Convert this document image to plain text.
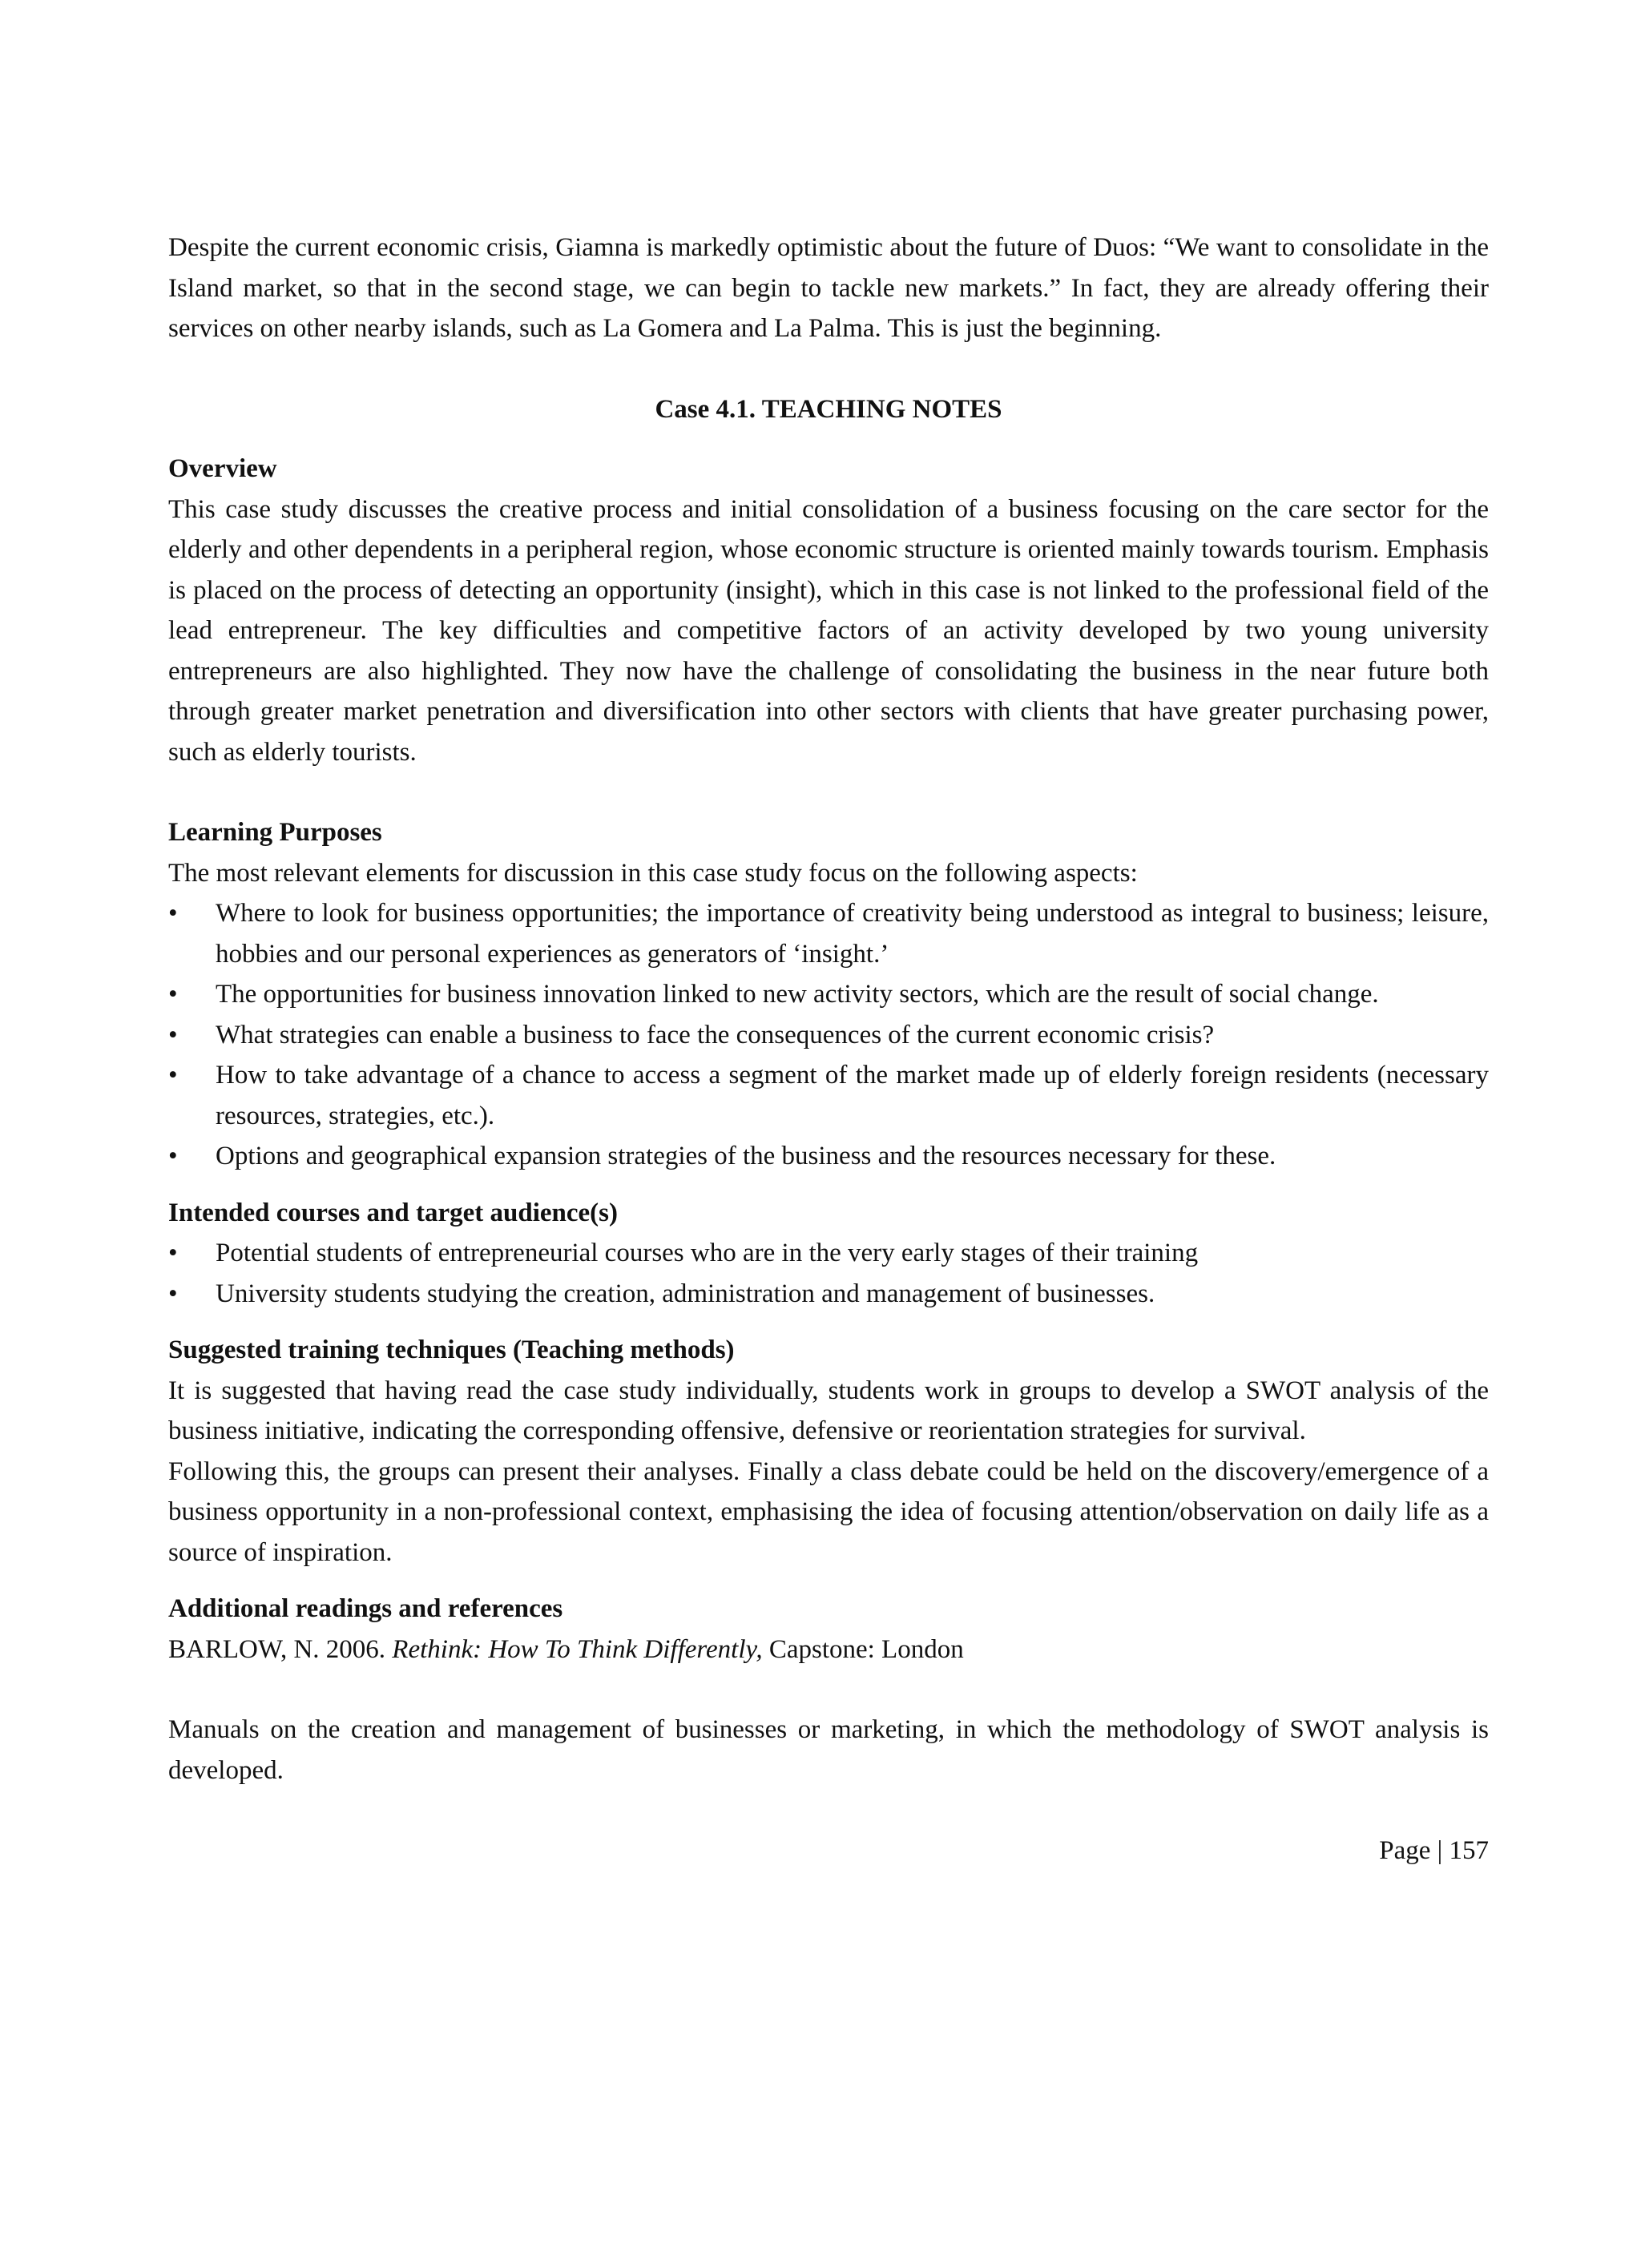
Despite the current economic crisis, Giamna is markedly optimistic about the future of Duos: “We want to consolidate in the Island market, so that in the second stage, we can begin to tackle new markets.” In fact, they are already offering their services on other nearby islands, such as La Gomera and La Palma. This is just the beginning.

Case 4.1. TEACHING NOTES

Overview

This case study discusses the creative process and initial consolidation of a business focusing on the care sector for the elderly and other dependents in a peripheral region, whose economic structure is oriented mainly towards tourism. Emphasis is placed on the process of detecting an opportunity (insight), which in this case is not linked to the professional field of the lead entrepreneur. The key difficulties and competitive factors of an activity developed by two young university entrepreneurs are also highlighted. They now have the challenge of consolidating the business in the near future both through greater market penetration and diversification into other sectors with clients that have greater purchasing power, such as elderly tourists.

Learning Purposes

The most relevant elements for discussion in this case study focus on the following aspects:

• Where to look for business opportunities; the importance of creativity being understood as integral to business; leisure, hobbies and our personal experiences as generators of ‘insight.’
• The opportunities for business innovation linked to new activity sectors, which are the result of social change.
• What strategies can enable a business to face the consequences of the current economic crisis?
• How to take advantage of a chance to access a segment of the market made up of elderly foreign residents (necessary resources, strategies, etc.).
• Options and geographical expansion strategies of the business and the resources necessary for these.
Intended courses and target audience(s)
• Potential students of entrepreneurial courses who are in the very early stages of their training
• University students studying the creation, administration and management of businesses.
Suggested training techniques (Teaching methods)

It is suggested that having read the case study individually, students work in groups to develop a SWOT analysis of the business initiative, indicating the corresponding offensive, defensive or reorientation strategies for survival.

Following this, the groups can present their analyses. Finally a class debate could be held on the discovery/emergence of a business opportunity in a non-professional context, emphasising the idea of focusing attention/observation on daily life as a source of inspiration.

Additional readings and references

BARLOW, N. 2006. Rethink: How To Think Differently, Capstone: London

Manuals on the creation and management of businesses or marketing, in which the methodology of SWOT analysis is developed.

Page | 157
